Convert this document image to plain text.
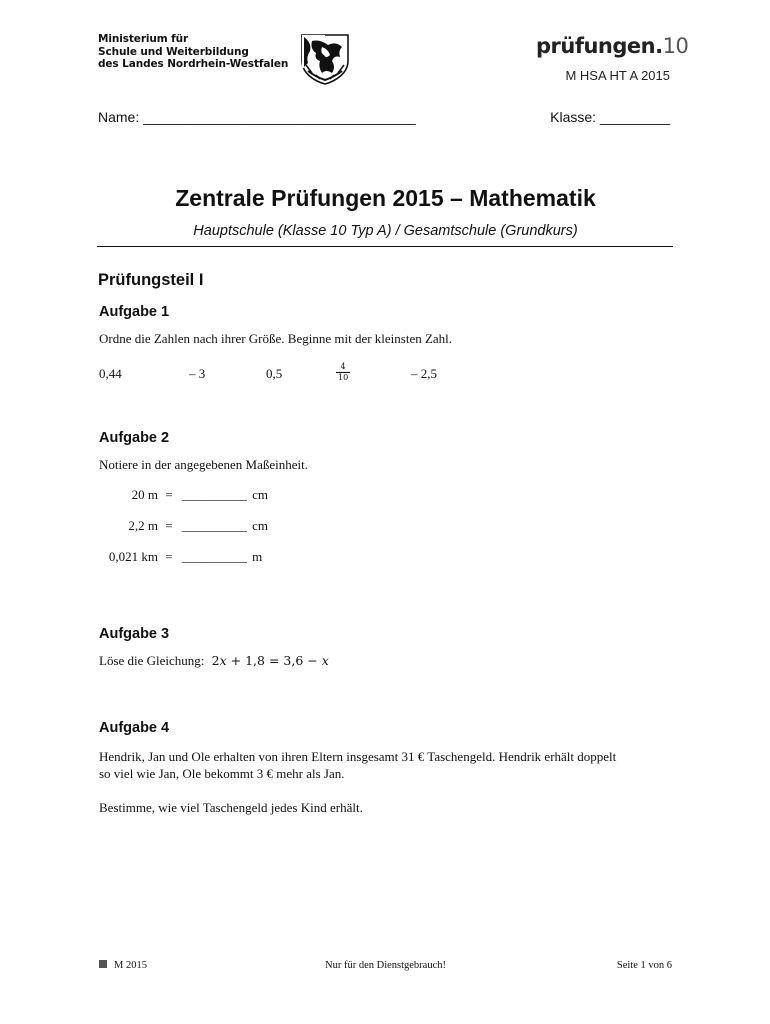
Ministerium für
Schule und Weiterbildung
des Landes Nordrhein-Westfalen
prüfungen.10
M HSA HT A 2015
Name: ___________________________________	Klasse: _________
Zentrale Prüfungen 2015 – Mathematik
Hauptschule (Klasse 10 Typ A) / Gesamtschule (Grundkurs)
Prüfungsteil I
Aufgabe 1
Ordne die Zahlen nach ihrer Größe. Beginne mit der kleinsten Zahl.
0,44	– 3	0,5	$\frac{4}{10}$	– 2,5
Aufgabe 2
Notiere in der angegebenen Maßeinheit.
20 m = __________ cm
2,2 m = __________ cm
0,021 km = __________ m
Aufgabe 3
Löse die Gleichung: 2𝑥 + 1,8 = 3,6 − 𝑥
Aufgabe 4
Hendrik, Jan und Ole erhalten von ihren Eltern insgesamt 31 € Taschengeld. Hendrik erhält doppelt
so viel wie Jan, Ole bekommt 3 € mehr als Jan.
Bestimme, wie viel Taschengeld jedes Kind erhält.
M 2015	Nur für den Dienstgebrauch!	Seite 1 von 6
